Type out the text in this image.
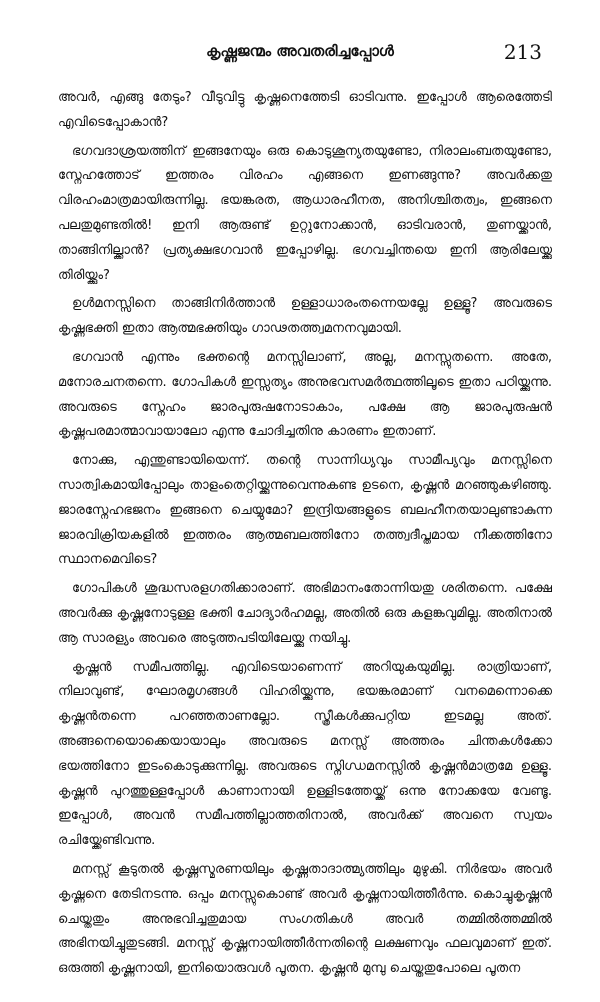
കൃഷ്ണജന്മം അവതരിച്ചപ്പോൾ	213

അവർ, എങ്ങു തേടും? വീടുവിട്ടു കൃഷ്ണനെത്തേടി ഓടിവന്നു. ഇപ്പോൾ ആരെത്തേടി എവിടെപ്പോകാൻ?

ഭഗവദാശ്രയത്തിന് ഇങ്ങനേയും ഒരു കൊടുശൂന്യതയുണ്ടോ, നിരാലംബതയുണ്ടോ, സ്നേഹത്തോട് ഇത്തരം വിരഹം എങ്ങനെ ഇണങ്ങുന്നു? അവർക്കതു വിരഹംമാത്രമായിരുന്നില്ല. ഭയങ്കരത, ആധാരഹീനത, അനിശ്ചിതത്വം, ഇങ്ങനെ പലതുമുണ്ടതിൽ! ഇനി ആരുണ്ട് ഉറ്റുനോക്കാൻ, ഓടിവരാൻ, തുണയ്ക്കാൻ, താങ്ങിനില്ക്കാൻ? പ്രത്യക്ഷഭഗവാൻ ഇപ്പോഴില്ല. ഭഗവച്ചിന്തയെ ഇനി ആരിലേയ്ക്കു തിരിയ്ക്കും?

ഉൾമനസ്സിനെ താങ്ങിനിർത്താൻ ഉള്ളാധാരംതന്നെയല്ലേ ഉള്ളൂ? അവരുടെ കൃഷ്ണഭക്തി ഇതാ ആത്മഭക്തിയും ഗാഢതത്ത്വമനനവുമായി.

ഭഗവാൻ എന്നും ഭക്തന്റെ മനസ്സിലാണ്, അല്ല, മനസ്സുതന്നെ. അതേ, മനോരചനതന്നെ. ഗോപികൾ ഇസ്സത്യം അനുഭവസമർത്ഥത്തിലൂടെ ഇതാ പഠിയ്ക്കുന്നു. അവരുടെ സ്നേഹം ജാരപുരുഷനോടാകാം, പക്ഷേ ആ ജാരപുരുഷൻ കൃഷ്ണപരമാത്മാവായാലോ എന്നു ചോദിച്ചതിനു കാരണം ഇതാണ്.

നോക്കു, എന്തുണ്ടായിയെന്ന്. തന്റെ സാന്നിധ്യവും സാമീപ്യവും മനസ്സിനെ സാത്വികമായിപ്പോലും താളംതെറ്റിയ്ക്കുന്നുവെന്നുകണ്ട ഉടനെ, കൃഷ്ണൻ മറഞ്ഞുകഴിഞ്ഞു. ജാരസ്നേഹഭജനം ഇങ്ങനെ ചെയ്യുമോ? ഇന്ദ്രിയങ്ങളുടെ ബലഹീനതയാലുണ്ടാകുന്ന ജാരവിക്രിയകളിൽ ഇത്തരം ആത്മബലത്തിനോ തത്ത്വദീപ്തമായ നീക്കത്തിനോ സ്ഥാനമെവിടെ?

ഗോപികൾ ശുദ്ധസരളഗതിക്കാരാണ്. അഭിമാനംതോന്നിയതു ശരിതന്നെ. പക്ഷേ അവർക്കു കൃഷ്ണനോടുള്ള ഭക്തി ചോദ്യാർഹമല്ല, അതിൽ ഒരു കളങ്കവുമില്ല. അതിനാൽ ആ സാരള്യം അവരെ അടുത്തപടിയിലേയ്ക്കു നയിച്ചു.

കൃഷ്ണൻ സമീപത്തില്ല. എവിടെയാണെന്ന് അറിയുകയുമില്ല. രാത്രിയാണ്, നിലാവുണ്ട്, ഘോരമൃഗങ്ങൾ വിഹരിയ്ക്കുന്നു, ഭയങ്കരമാണ് വനമെന്നൊക്കെ കൃഷ്ണൻതന്നെ പറഞ്ഞതാണല്ലോ. സ്ത്രീകൾക്കുപറ്റിയ ഇടമല്ല അത്. അങ്ങനെയൊക്കെയായാലും അവരുടെ മനസ്സ് അത്തരം ചിന്തകൾക്കോ ഭയത്തിനോ ഇടംകൊടുക്കുന്നില്ല. അവരുടെ സ്നിഗ്ധമനസ്സിൽ കൃഷ്ണൻമാത്രമേ ഉള്ളൂ. കൃഷ്ണൻ പുറത്തുള്ളപ്പോൾ കാണാനായി ഉള്ളിടത്തേയ്ക്ക് ഒന്നു നോക്കയേ വേണ്ടൂ. ഇപ്പോൾ, അവൻ സമീപത്തില്ലാത്തതിനാൽ, അവർക്ക് അവനെ സ്വയം രചിയ്ക്കേണ്ടിവന്നു.

മനസ്സ് കൂടുതൽ കൃഷ്ണസ്മരണയിലും കൃഷ്ണതാദാത്മ്യത്തിലും മുഴുകി. നിർഭയം അവർ കൃഷ്ണനെ തേടിനടന്നു. ഒപ്പം മനസ്സുകൊണ്ട് അവർ കൃഷ്ണനായിത്തീർന്നു. കൊച്ചുകൃഷ്ണൻ ചെയ്തതും അനുഭവിച്ചതുമായ സംഗതികൾ അവർ തമ്മിൽത്തമ്മിൽ അഭിനയിച്ചുതുടങ്ങി. മനസ്സ് കൃഷ്ണനായിത്തീർന്നതിന്റെ ലക്ഷണവും ഫലവുമാണ് ഇത്. ഒരുത്തി കൃഷ്ണനായി, ഇനിയൊരുവൾ പൂതന. കൃഷ്ണൻ മുമ്പു ചെയ്തതുപോലെ പൂതന
